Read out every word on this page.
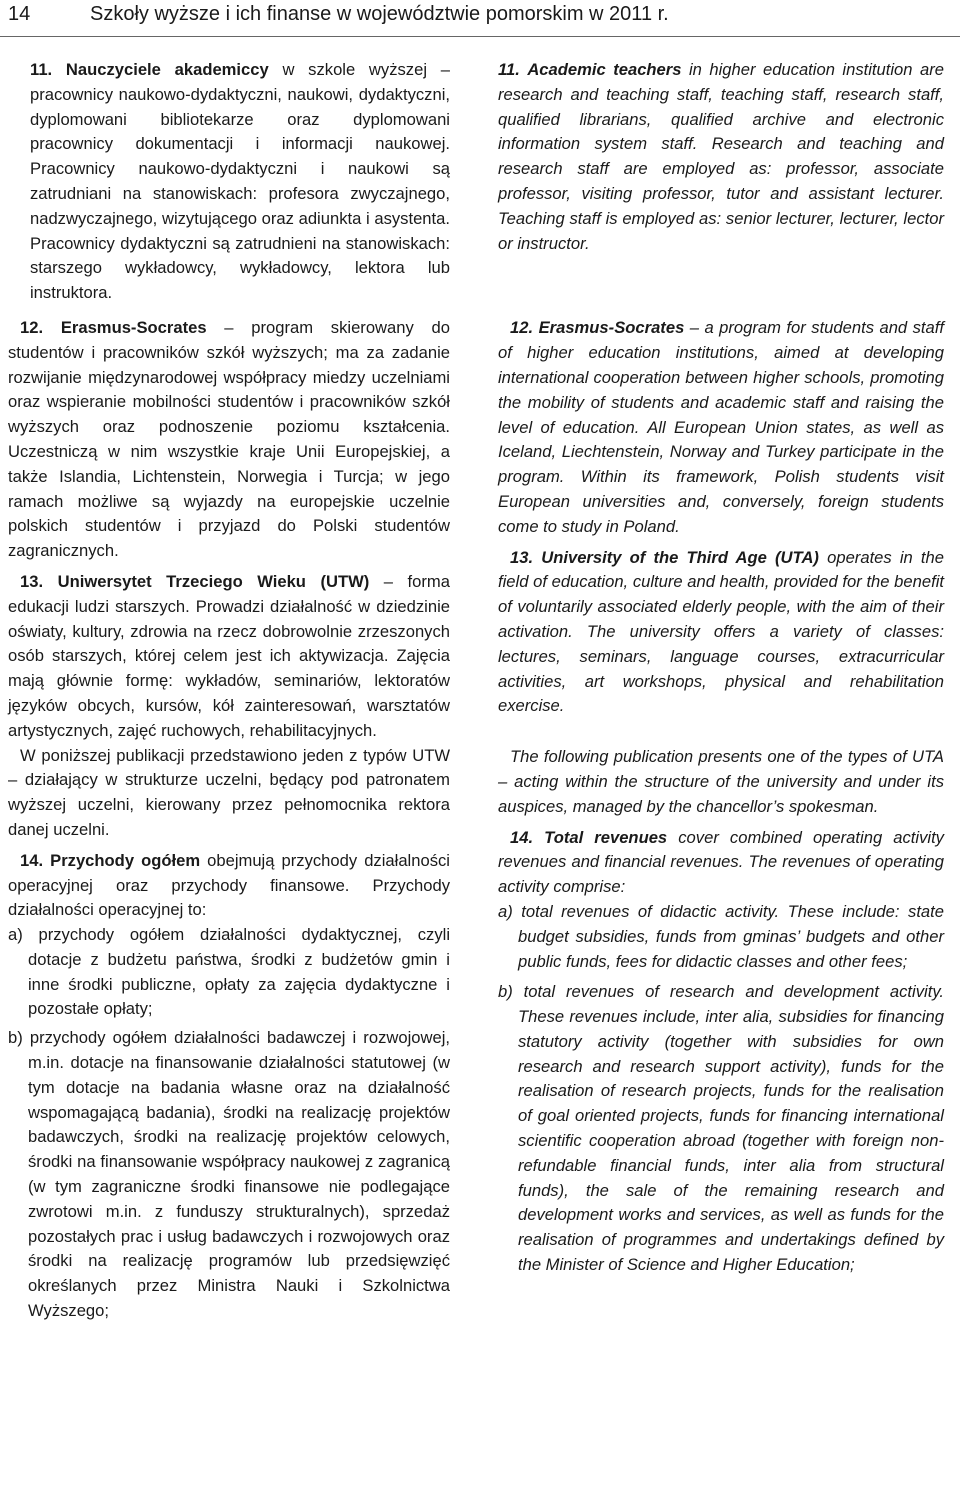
14	Szkoły wyższe i ich finanse w województwie pomorskim w 2011 r.

11. Nauczyciele akademiccy w szkole wyższej – pracownicy naukowo-dydaktyczni, naukowi, dydaktyczni, dyplomowani bibliotekarze oraz dyplomowani pracownicy dokumentacji i informacji naukowej. Pracownicy naukowo-dydaktyczni i naukowi są zatrudniani na stanowiskach: profesora zwyczajnego, nadzwyczajnego, wizytującego oraz adiunkta i asystenta. Pracownicy dydaktyczni są zatrudnieni na stanowiskach: starszego wykładowcy, wykładowcy, lektora lub instruktora.

12. Erasmus-Socrates – program skierowany do studentów i pracowników szkół wyższych; ma za zadanie rozwijanie międzynarodowej współpracy miedzy uczelniami oraz wspieranie mobilności studentów i pracowników szkół wyższych oraz podnoszenie poziomu kształcenia. Uczestniczą w nim wszystkie kraje Unii Europejskiej, a także Islandia, Lichtenstein, Norwegia i Turcja; w jego ramach możliwe są wyjazdy na europejskie uczelnie polskich studentów i przyjazd do Polski studentów zagranicznych.

13. Uniwersytet Trzeciego Wieku (UTW) – forma edukacji ludzi starszych. Prowadzi działalność w dziedzinie oświaty, kultury, zdrowia na rzecz dobrowolnie zrzeszonych osób starszych, której celem jest ich aktywizacja. Zajęcia mają głównie formę: wykładów, seminariów, lektoratów języków obcych, kursów, kół zainteresowań, warsztatów artystycznych, zajęć ruchowych, rehabilitacyjnych.

W poniższej publikacji przedstawiono jeden z typów UTW – działający w strukturze uczelni, będący pod patronatem wyższej uczelni, kierowany przez pełnomocnika rektora danej uczelni.

14. Przychody ogółem obejmują przychody działalności operacyjnej oraz przychody finansowe. Przychody działalności operacyjnej to:

a) przychody ogółem działalności dydaktycznej, czyli dotacje z budżetu państwa, środki z budżetów gmin i inne środki publiczne, opłaty za zajęcia dydaktyczne i pozostałe opłaty;

b) przychody ogółem działalności badawczej i rozwojowej, m.in. dotacje na finansowanie działalności statutowej (w tym dotacje na badania własne oraz na działalność wspomagającą badania), środki na realizację projektów badawczych, środki na realizację projektów celowych, środki na finansowanie współpracy naukowej z zagranicą (w tym zagraniczne środki finansowe nie podlegające zwrotowi m.in. z funduszy strukturalnych), sprzedaż pozostałych prac i usług badawczych i rozwojowych oraz środki na realizację programów lub przedsięwzięć określanych przez Ministra Nauki i Szkolnictwa Wyższego;

11. Academic teachers in higher education institution are research and teaching staff, teaching staff, research staff, qualified librarians, qualified archive and electronic information system staff. Research and teaching and research staff are employed as: professor, associate professor, visiting professor, tutor and assistant lecturer. Teaching staff is employed as: senior lecturer, lecturer, lector or instructor.

12. Erasmus-Socrates – a program for students and staff of higher education institutions, aimed at developing international cooperation between higher schools, promoting the mobility of students and academic staff and raising the level of education. All European Union states, as well as Iceland, Liechtenstein, Norway and Turkey participate in the program. Within its framework, Polish students visit European universities and, conversely, foreign students come to study in Poland.

13. University of the Third Age (UTA) operates in the field of education, culture and health, provided for the benefit of voluntarily associated elderly people, with the aim of their activation. The university offers a variety of classes: lectures, seminars, language courses, extracurricular activities, art workshops, physical and rehabilitation exercise.

The following publication presents one of the types of UTA – acting within the structure of the university and under its auspices, managed by the chancellor’s spokesman.

14. Total revenues cover combined operating activity revenues and financial revenues. The revenues of operating activity comprise:

a) total revenues of didactic activity. These include: state budget subsidies, funds from gminas’ budgets and other public funds, fees for didactic classes and other fees;

b) total revenues of research and development activity. These revenues include, inter alia, subsidies for financing statutory activity (together with subsidies for own research and research support activity), funds for the realisation of research projects, funds for the realisation of goal oriented projects, funds for financing international scientific cooperation abroad (together with foreign non-refundable financial funds, inter alia from structural funds), the sale of the remaining research and development works and services, as well as funds for the realisation of programmes and undertakings defined by the Minister of Science and Higher Education;
